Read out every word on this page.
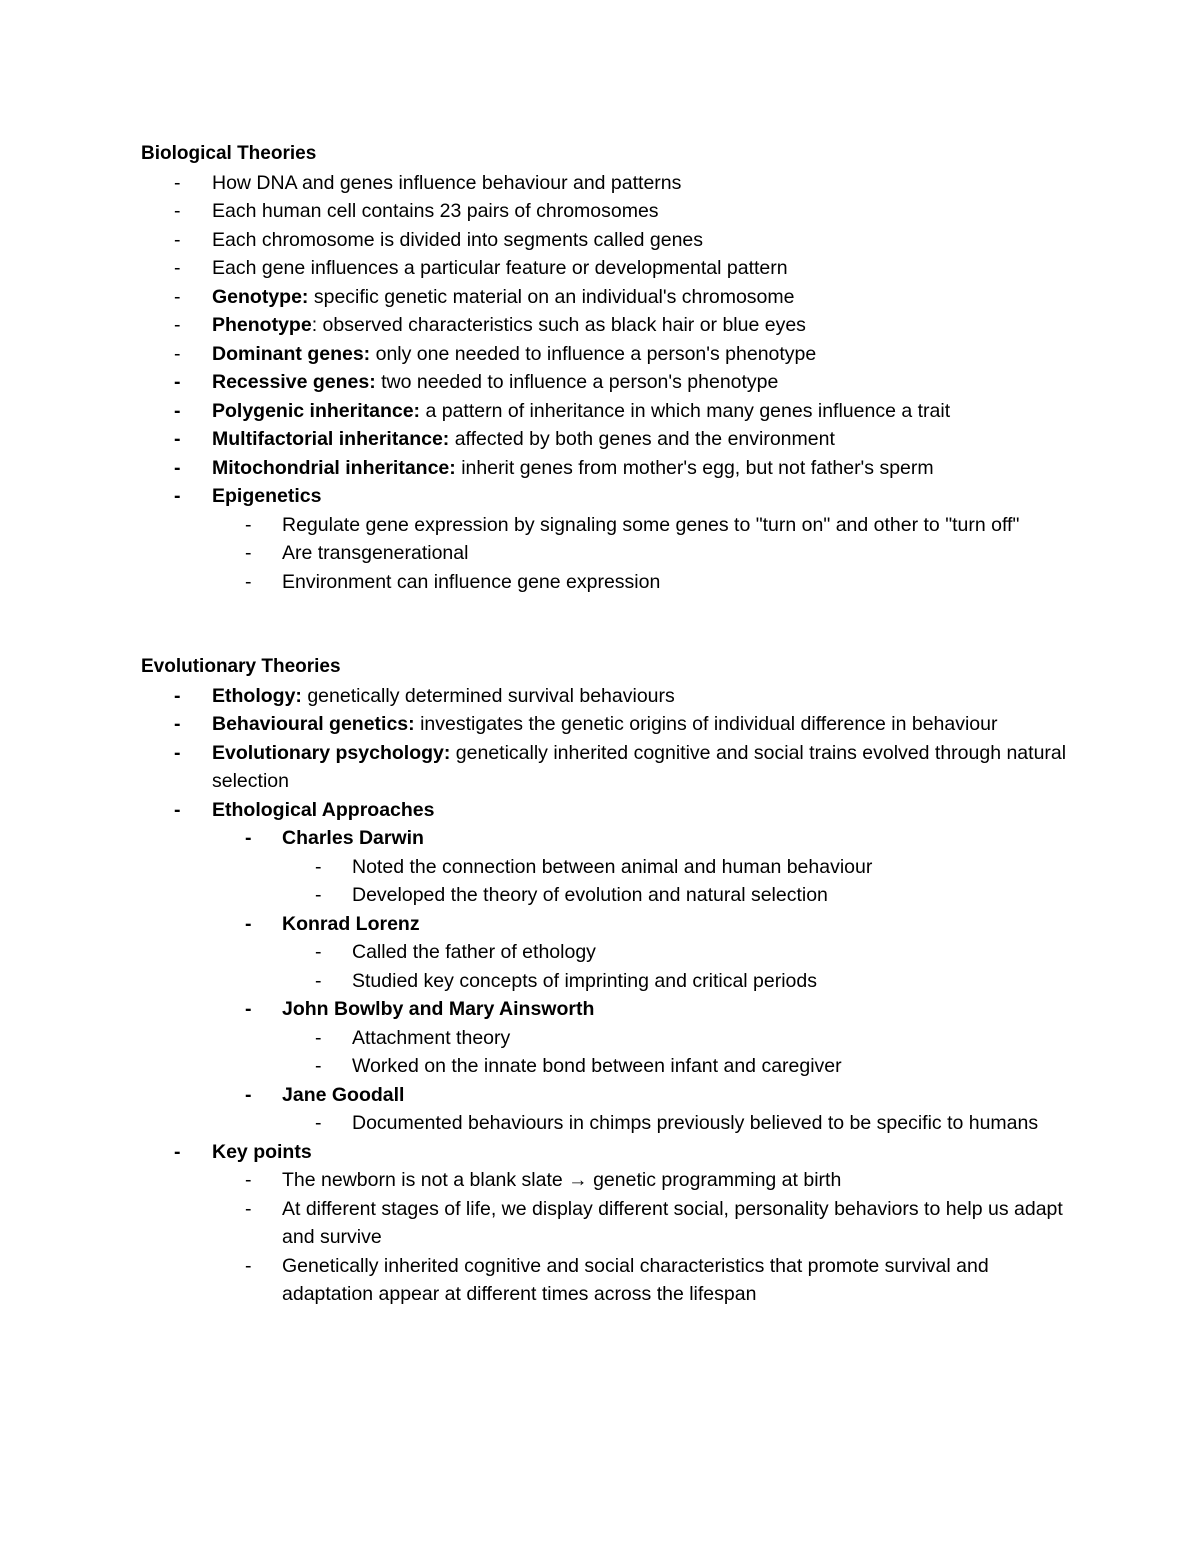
Biological Theories

-	How DNA and genes influence behaviour and patterns
-	Each human cell contains 23 pairs of chromosomes
-	Each chromosome is divided into segments called genes
-	Each gene influences a particular feature or developmental pattern
-	Genotype: specific genetic material on an individual's chromosome
-	Phenotype: observed characteristics such as black hair or blue eyes
-	Dominant genes: only one needed to influence a person's phenotype
-	Recessive genes: two needed to influence a person's phenotype
-	Polygenic inheritance: a pattern of inheritance in which many genes influence a trait
-	Multifactorial inheritance: affected by both genes and the environment
-	Mitochondrial inheritance: inherit genes from mother's egg, but not father's sperm
-	Epigenetics
-	Regulate gene expression by signaling some genes to "turn on" and other to "turn off"
-	Are transgenerational
-	Environment can influence gene expression

Evolutionary Theories

-	Ethology: genetically determined survival behaviours
-	Behavioural genetics: investigates the genetic origins of individual difference in behaviour
-	Evolutionary psychology: genetically inherited cognitive and social trains evolved through natural selection
-	Ethological Approaches
-	Charles Darwin
-	Noted the connection between animal and human behaviour
-	Developed the theory of evolution and natural selection
-	Konrad Lorenz
-	Called the father of ethology
-	Studied key concepts of imprinting and critical periods
-	John Bowlby and Mary Ainsworth
-	Attachment theory
-	Worked on the innate bond between infant and caregiver
-	Jane Goodall
-	Documented behaviours in chimps previously believed to be specific to humans
-	Key points
-	The newborn is not a blank slate → genetic programming at birth
-	At different stages of life, we display different social, personality behaviors to help us adapt and survive
-	Genetically inherited cognitive and social characteristics that promote survival and adaptation appear at different times across the lifespan
